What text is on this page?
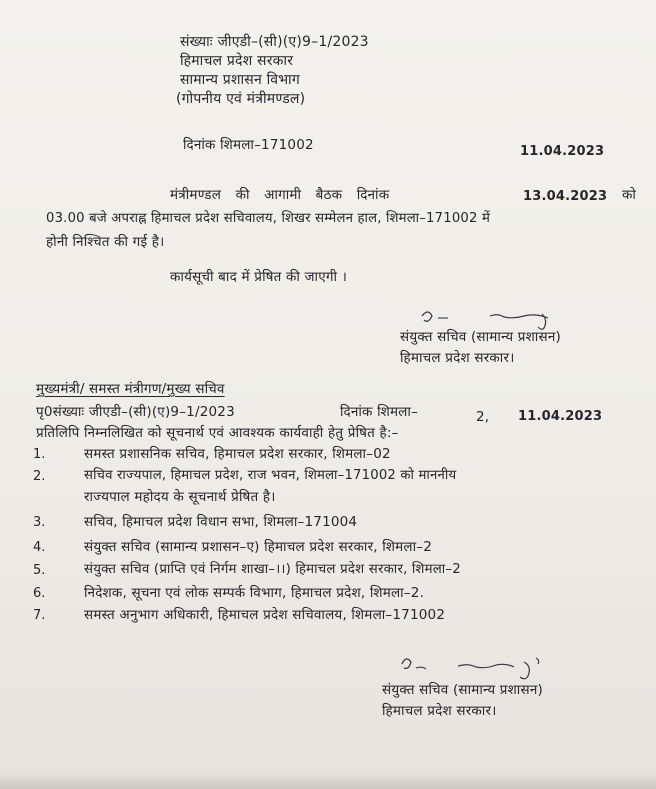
संख्याः जीएडी–(सी)(ए)9–1/2023
हिमाचल प्रदेश सरकार
सामान्य प्रशासन विभाग
(गोपनीय एवं मंत्रीमण्डल)
दिनांक शिमला–171002	11.04.2023
मंत्रीमण्डल की आगामी बैठक दिनांक	13.04.2023 को
03.00 बजे अपराह्न हिमाचल प्रदेश सचिवालय, शिखर सम्मेलन हाल, शिमला–171002 में
होनी निश्चित की गई है।
कार्यसूची बाद में प्रेषित की जाएगी ।
संयुक्त सचिव (सामान्य प्रशासन)
हिमाचल प्रदेश सरकार।
मुख्यमंत्री/ समस्त मंत्रीगण/मुख्य सचिव
पृ0संख्याः जीएडी–(सी)(ए)9–1/2023	दिनांक शिमला–	2, 11.04.2023
प्रतिलिपि निम्नलिखित को सूचनार्थ एवं आवश्यक कार्यवाही हेतु प्रेषित है:–
1.	समस्त प्रशासनिक सचिव, हिमाचल प्रदेश सरकार, शिमला–02
2.	सचिव राज्यपाल, हिमाचल प्रदेश, राज भवन, शिमला–171002 को माननीय
राज्यपाल महोदय के सूचनार्थ प्रेषित है।
3.	सचिव, हिमाचल प्रदेश विधान सभा, शिमला–171004
4.	संयुक्त सचिव (सामान्य प्रशासन–ए) हिमाचल प्रदेश सरकार, शिमला–2
5.	संयुक्त सचिव (प्राप्ति एवं निर्गम शाखा–।।) हिमाचल प्रदेश सरकार, शिमला–2
6.	निदेशक, सूचना एवं लोक सम्पर्क विभाग, हिमाचल प्रदेश, शिमला–2.
7.	समस्त अनुभाग अधिकारी, हिमाचल प्रदेश सचिवालय, शिमला–171002
संयुक्त सचिव (सामान्य प्रशासन)
हिमाचल प्रदेश सरकार।
